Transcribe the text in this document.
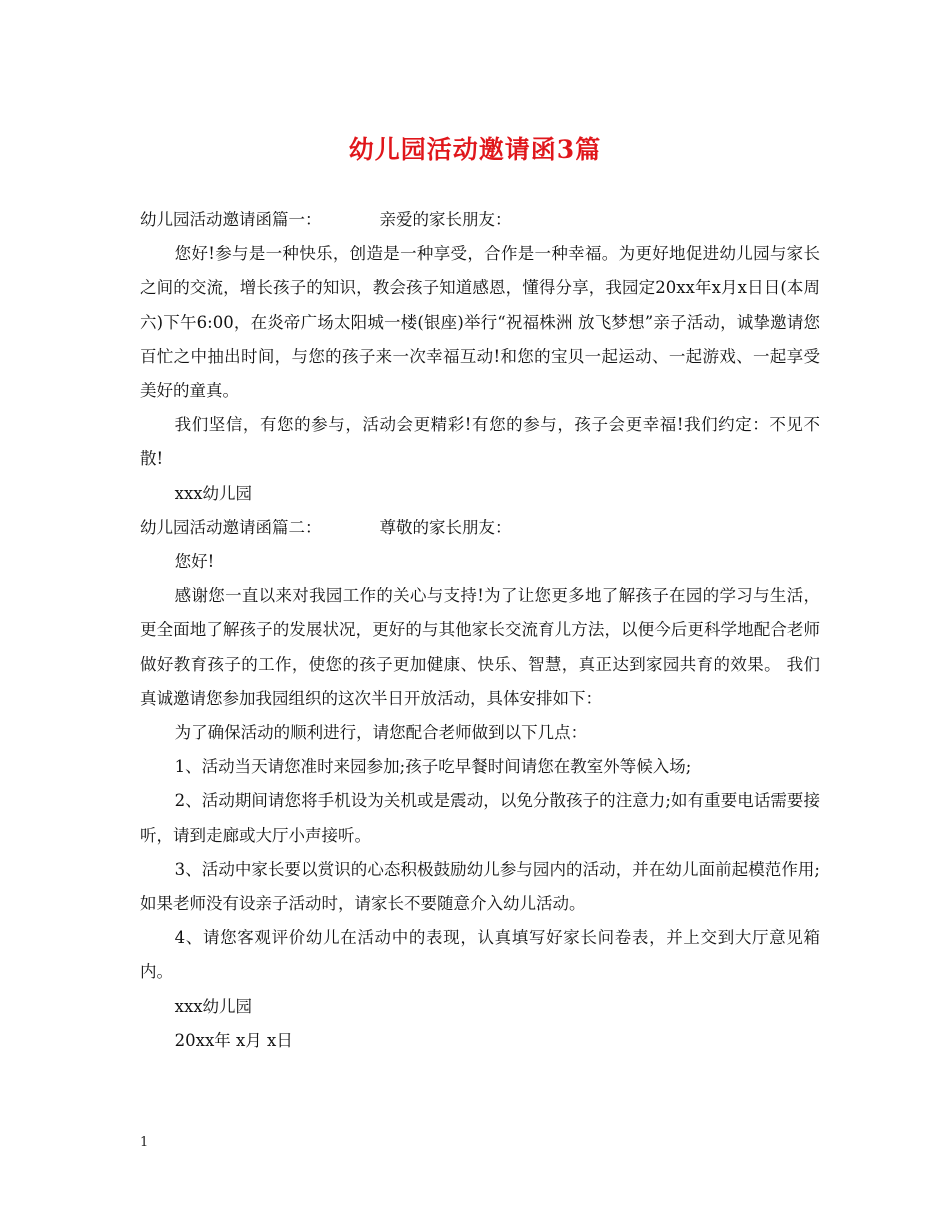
幼儿园活动邀请函3篇

幼儿园活动邀请函篇一：	亲爱的家长朋友：

您好!参与是一种快乐，创造是一种享受，合作是一种幸福。为更好地促进幼儿园与家长之间的交流，增长孩子的知识，教会孩子知道感恩，懂得分享，我园定20xx年x月x日日(本周六)下午6:00，在炎帝广场太阳城一楼(银座)举行“祝福株洲 放飞梦想”亲子活动，诚挚邀请您百忙之中抽出时间，与您的孩子来一次幸福互动!和您的宝贝一起运动、一起游戏、一起享受美好的童真。

我们坚信，有您的参与，活动会更精彩!有您的参与，孩子会更幸福!我们约定：不见不散!

xxx幼儿园

幼儿园活动邀请函篇二：	尊敬的家长朋友：

您好!

感谢您一直以来对我园工作的关心与支持!为了让您更多地了解孩子在园的学习与生活，更全面地了解孩子的发展状况，更好的与其他家长交流育儿方法，以便今后更科学地配合老师做好教育孩子的工作，使您的孩子更加健康、快乐、智慧，真正达到家园共育的效果。 我们真诚邀请您参加我园组织的这次半日开放活动，具体安排如下：

为了确保活动的顺利进行，请您配合老师做到以下几点：

1、活动当天请您准时来园参加;孩子吃早餐时间请您在教室外等候入场;

2、活动期间请您将手机设为关机或是震动，以免分散孩子的注意力;如有重要电话需要接听，请到走廊或大厅小声接听。

3、活动中家长要以赏识的心态积极鼓励幼儿参与园内的活动，并在幼儿面前起模范作用;如果老师没有设亲子活动时，请家长不要随意介入幼儿活动。

4、请您客观评价幼儿在活动中的表现，认真填写好家长问卷表，并上交到大厅意见箱内。

xxx幼儿园

20xx年 x月 x日

1
